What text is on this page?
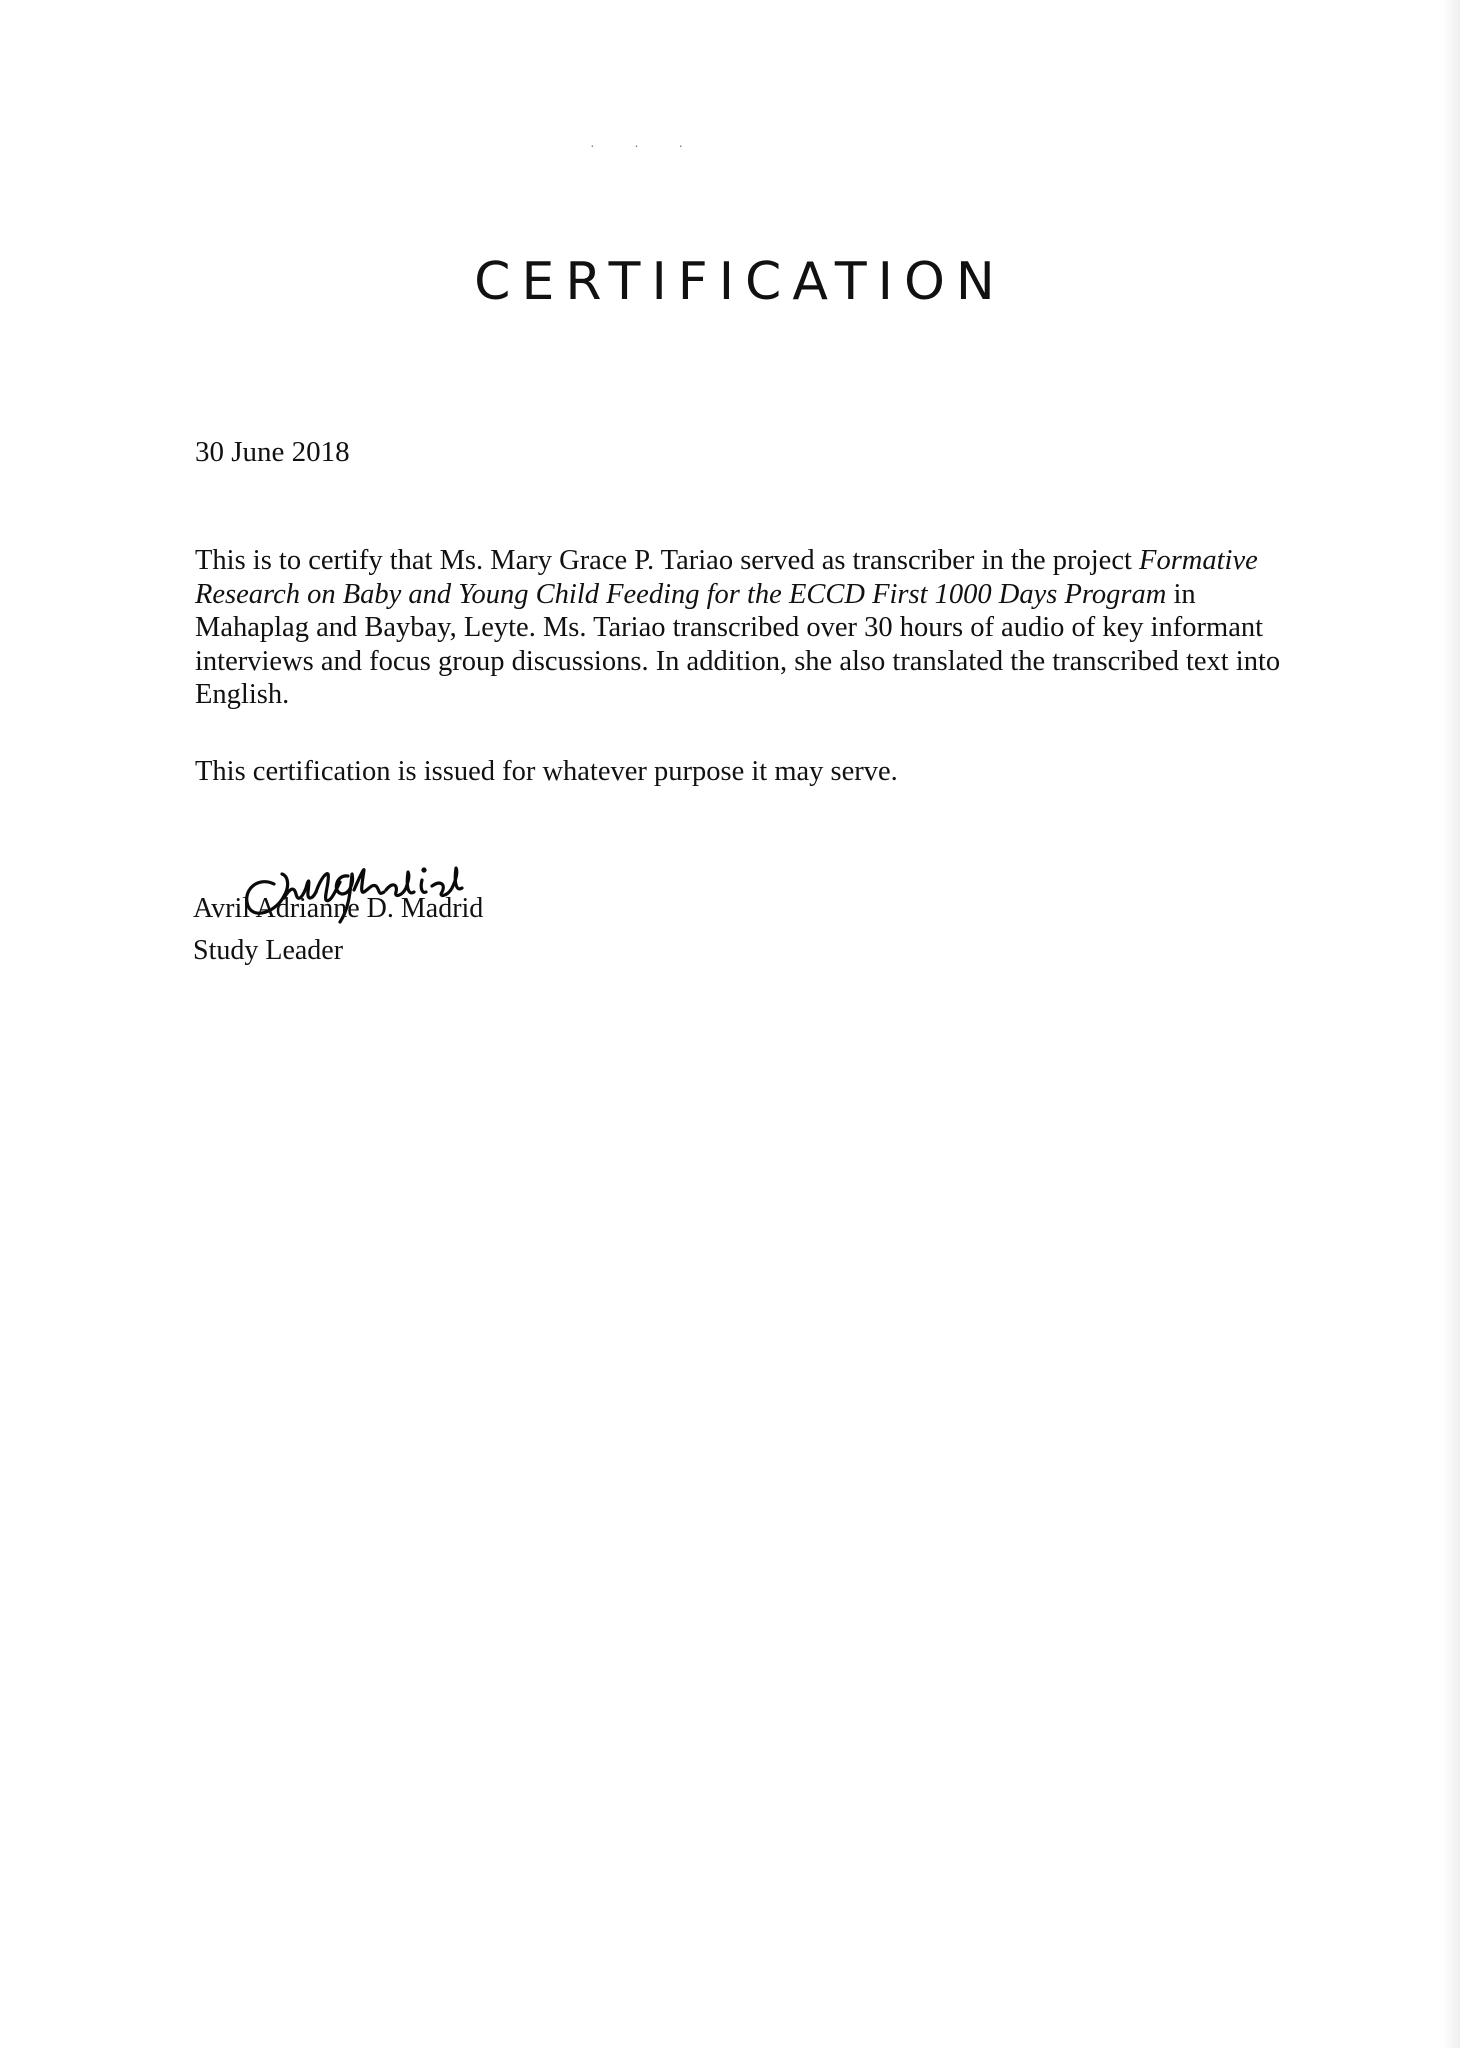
· · ·
CERTIFICATION
30 June 2018

This is to certify that Ms. Mary Grace P. Tariao served as transcriber in the project Formative Research on Baby and Young Child Feeding for the ECCD First 1000 Days Program in Mahaplag and Baybay, Leyte. Ms. Tariao transcribed over 30 hours of audio of key informant interviews and focus group discussions. In addition, she also translated the transcribed text into English.

This certification is issued for whatever purpose it may serve.

Avril Adrianne D. Madrid
Study Leader
